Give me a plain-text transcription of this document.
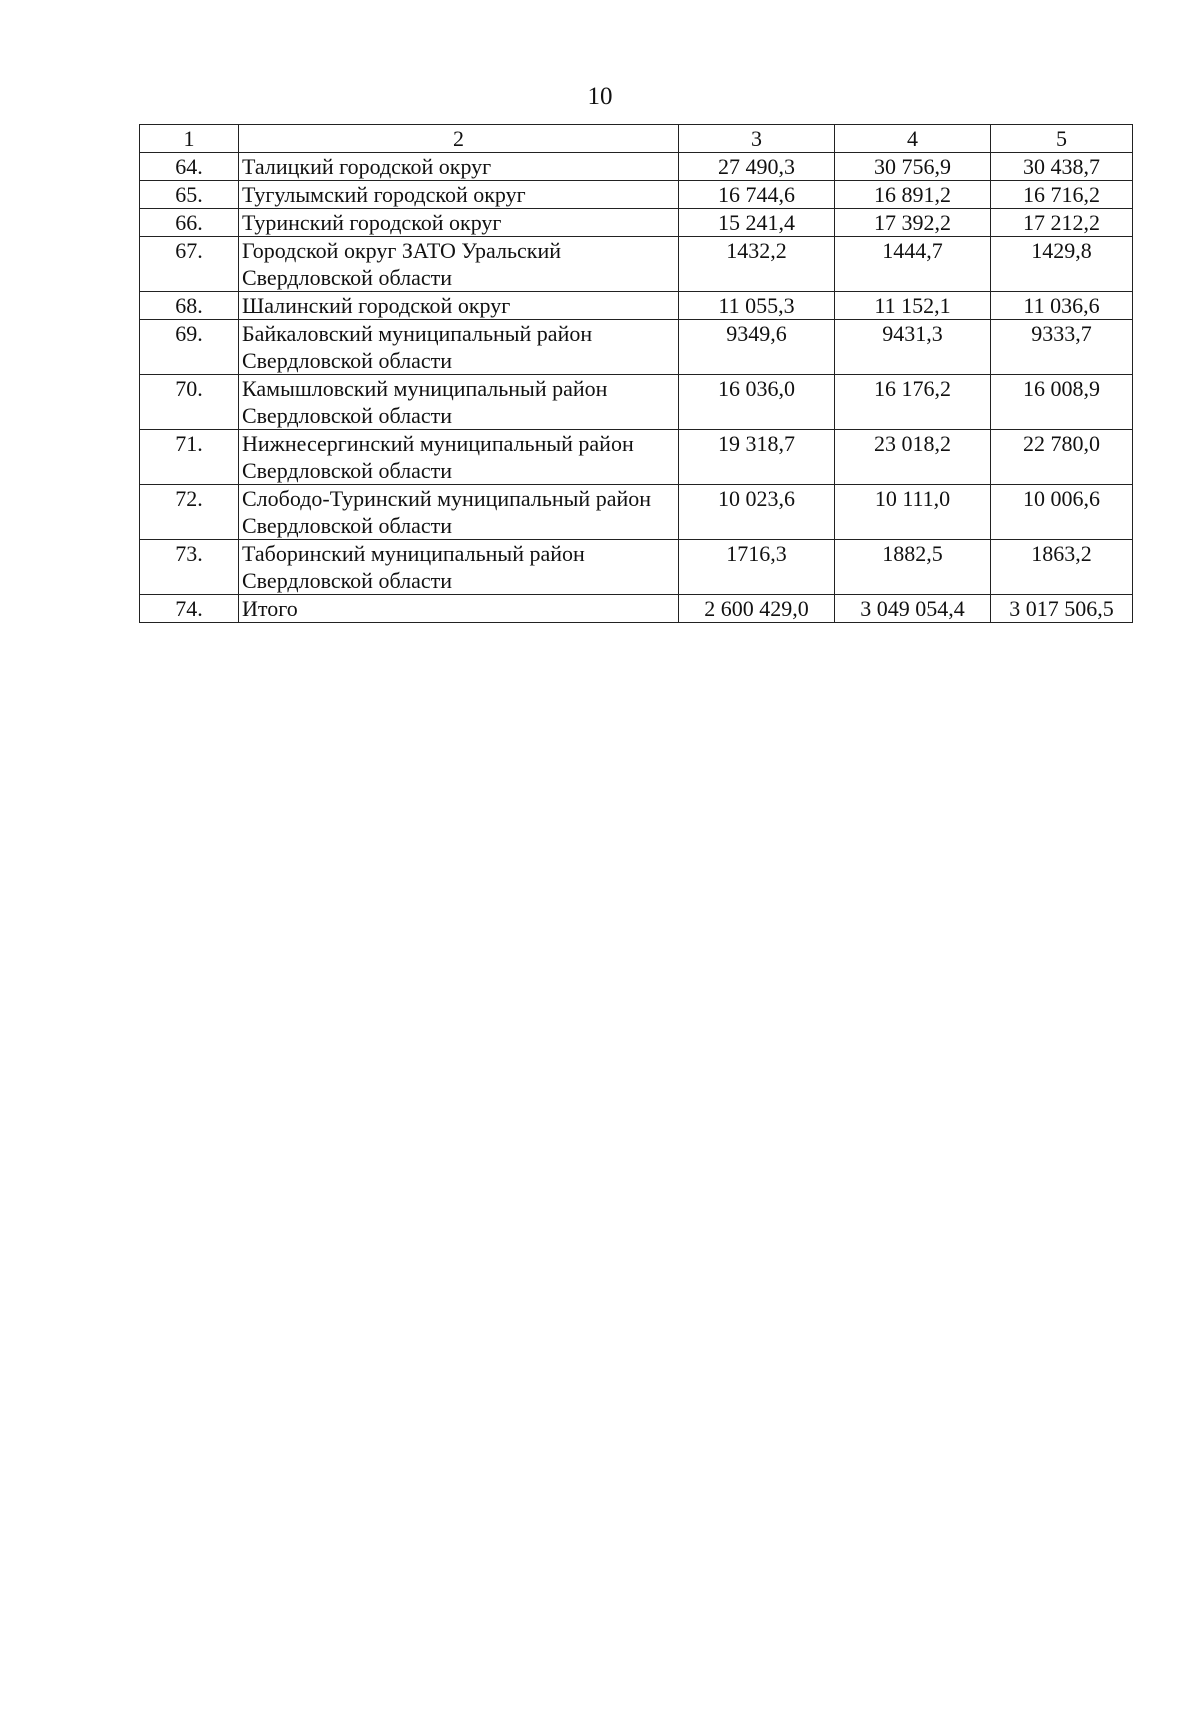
10
1	2	3	4	5
64.	Талицкий городской округ	27 490,3	30 756,9	30 438,7
65.	Тугулымский городской округ	16 744,6	16 891,2	16 716,2
66.	Туринский городской округ	15 241,4	17 392,2	17 212,2
67.	Городской округ ЗАТО Уральский Свердловской области	1432,2	1444,7	1429,8
68.	Шалинский городской округ	11 055,3	11 152,1	11 036,6
69.	Байкаловский муниципальный район Свердловской области	9349,6	9431,3	9333,7
70.	Камышловский муниципальный район Свердловской области	16 036,0	16 176,2	16 008,9
71.	Нижнесергинский муниципальный район Свердловской области	19 318,7	23 018,2	22 780,0
72.	Слободо-Туринский муниципальный район Свердловской области	10 023,6	10 111,0	10 006,6
73.	Таборинский муниципальный район Свердловской области	1716,3	1882,5	1863,2
74.	Итого	2 600 429,0	3 049 054,4	3 017 506,5
